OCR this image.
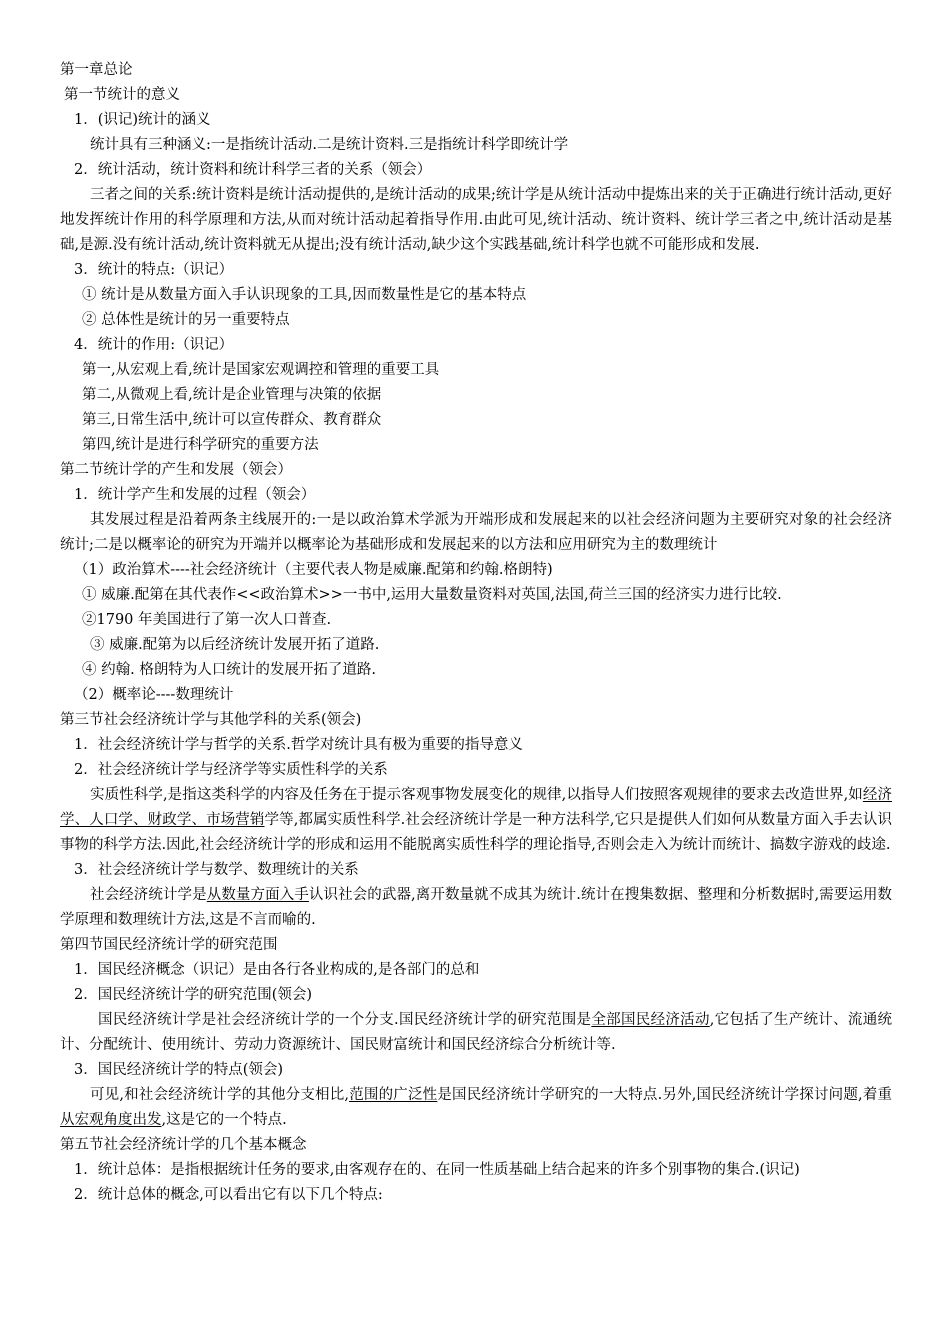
第一章总论
第一节统计的意义
1．(识记)统计的涵义
统计具有三种涵义:一是指统计活动.二是统计资料.三是指统计科学即统计学
2．统计活动，统计资料和统计科学三者的关系（领会）
三者之间的关系:统计资料是统计活动提供的,是统计活动的成果;统计学是从统计活动中提炼出来的关于正确进行统计活动,更好地发挥统计作用的科学原理和方法,从而对统计活动起着指导作用.由此可见,统计活动、统计资料、统计学三者之中,统计活动是基础,是源.没有统计活动,统计资料就无从提出;没有统计活动,缺少这个实践基础,统计科学也就不可能形成和发展.
3．统计的特点:（识记）
① 统计是从数量方面入手认识现象的工具,因而数量性是它的基本特点
② 总体性是统计的另一重要特点
4．统计的作用:（识记）
第一,从宏观上看,统计是国家宏观调控和管理的重要工具
第二,从微观上看,统计是企业管理与决策的依据
第三,日常生活中,统计可以宣传群众、教育群众
第四,统计是进行科学研究的重要方法
第二节统计学的产生和发展（领会）
1．统计学产生和发展的过程（领会）
其发展过程是沿着两条主线展开的:一是以政治算术学派为开端形成和发展起来的以社会经济问题为主要研究对象的社会经济统计;二是以概率论的研究为开端并以概率论为基础形成和发展起来的以方法和应用研究为主的数理统计
（1）政治算术----社会经济统计（主要代表人物是威廉.配第和约翰.格朗特)
① 威廉.配第在其代表作<<政治算术>>一书中,运用大量数量资料对英国,法国,荷兰三国的经济实力进行比较.
②1790 年美国进行了第一次人口普查.
③ 威廉.配第为以后经济统计发展开拓了道路.
④ 约翰. 格朗特为人口统计的发展开拓了道路.
（2）概率论----数理统计
第三节社会经济统计学与其他学科的关系(领会)
1．社会经济统计学与哲学的关系.哲学对统计具有极为重要的指导意义
2．社会经济统计学与经济学等实质性科学的关系
实质性科学,是指这类科学的内容及任务在于提示客观事物发展变化的规律,以指导人们按照客观规律的要求去改造世界,如经济学、人口学、财政学、市场营销学等,都属实质性科学.社会经济统计学是一种方法科学,它只是提供人们如何从数量方面入手去认识事物的科学方法.因此,社会经济统计学的形成和运用不能脱离实质性科学的理论指导,否则会走入为统计而统计、搞数字游戏的歧途.
3．社会经济统计学与数学、数理统计的关系
社会经济统计学是从数量方面入手认识社会的武器,离开数量就不成其为统计.统计在搜集数据、整理和分析数据时,需要运用数学原理和数理统计方法,这是不言而喻的.
第四节国民经济统计学的研究范围
1．国民经济概念（识记）是由各行各业构成的,是各部门的总和
2．国民经济统计学的研究范围(领会)
国民经济统计学是社会经济统计学的一个分支.国民经济统计学的研究范围是全部国民经济活动,它包括了生产统计、流通统计、分配统计、使用统计、劳动力资源统计、国民财富统计和国民经济综合分析统计等.
3．国民经济统计学的特点(领会)
可见,和社会经济统计学的其他分支相比,范围的广泛性是国民经济统计学研究的一大特点.另外,国民经济统计学探讨问题,着重从宏观角度出发,这是它的一个特点.
第五节社会经济统计学的几个基本概念
1．统计总体：是指根据统计任务的要求,由客观存在的、在同一性质基础上结合起来的许多个别事物的集合.(识记)
2．统计总体的概念,可以看出它有以下几个特点:
